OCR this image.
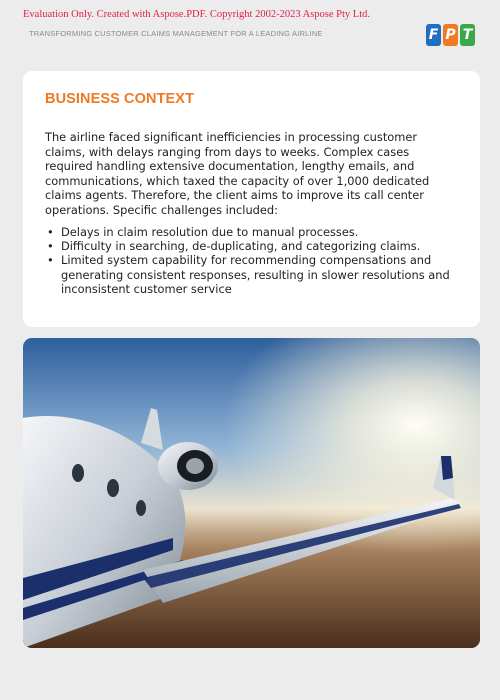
Evaluation Only. Created with Aspose.PDF. Copyright 2002-2023 Aspose Pty Ltd.
TRANSFORMING CUSTOMER CLAIMS MANAGEMENT FOR A LEADING AIRLINE	F P T
BUSINESS CONTEXT

The airline faced significant inefficiencies in processing customer claims, with delays ranging from days to weeks. Complex cases required handling extensive documentation, lengthy emails, and communications, which taxed the capacity of over 1,000 dedicated claims agents. Therefore, the client aims to improve its call center operations. Specific challenges included:

• Delays in claim resolution due to manual processes.
• Difficulty in searching, de-duplicating, and categorizing claims.
• Limited system capability for recommending compensations and generating consistent responses, resulting in slower resolutions and inconsistent customer service
